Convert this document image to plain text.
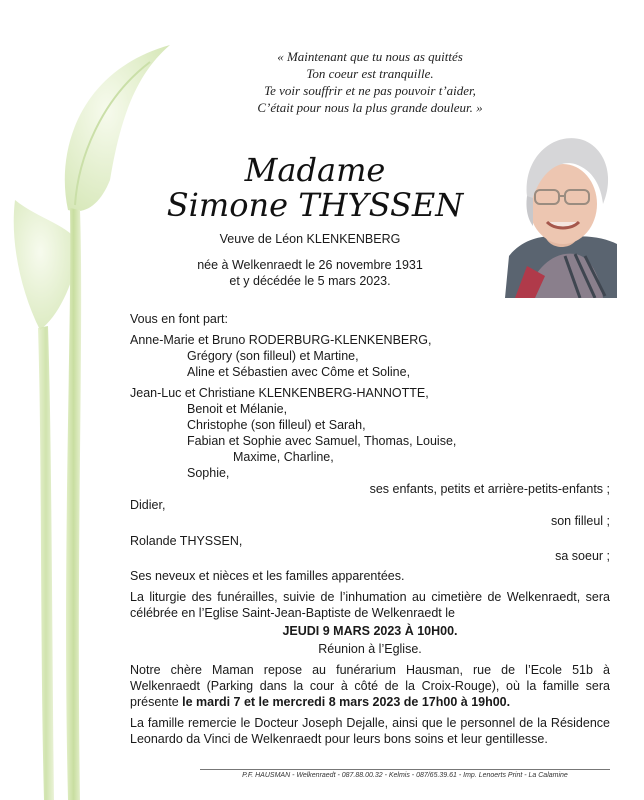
« Maintenant que tu nous as quittés
Ton coeur est tranquille.
Te voir souffrir et ne pas pouvoir t’aider,
C’était pour nous la plus grande douleur. »
Madame
Simone THYSSEN
Veuve de Léon KLENKENBERG
née à Welkenraedt le 26 novembre 1931
et y décédée le 5 mars 2023.
Vous en font part:
Anne-Marie et Bruno RODERBURG-KLENKENBERG,
Grégory (son filleul) et Martine,
Aline et Sébastien avec Côme et Soline,
Jean-Luc et Christiane KLENKENBERG-HANNOTTE,
Benoit et Mélanie,
Christophe (son filleul) et Sarah,
Fabian et Sophie avec Samuel, Thomas, Louise,
Maxime, Charline,
Sophie,
ses enfants, petits et arrière-petits-enfants ;
Didier,
son filleul ;
Rolande THYSSEN,
sa soeur ;
Ses neveux et nièces et les familles apparentées.
La liturgie des funérailles, suivie de l’inhumation au cimetière de Welkenraedt, sera célébrée en l’Eglise Saint-Jean-Baptiste de Welkenraedt le
JEUDI 9 MARS 2023 À 10H00.
Réunion à l’Eglise.
Notre chère Maman repose au funérarium Hausman, rue de l’Ecole 51b à Welkenraedt (Parking dans la cour à côté de la Croix-Rouge), où la famille sera présente le mardi 7 et le mercredi 8 mars 2023 de 17h00 à 19h00.
La famille remercie le Docteur Joseph Dejalle, ainsi que le personnel de la Résidence Leonardo da Vinci de Welkenraedt pour leurs bons soins et leur gentillesse.
P.F. HAUSMAN - Welkenraedt - 087.88.00.32 - Kelmis - 087/65.39.61 - Imp. Lenoerts Print - La Calamine
